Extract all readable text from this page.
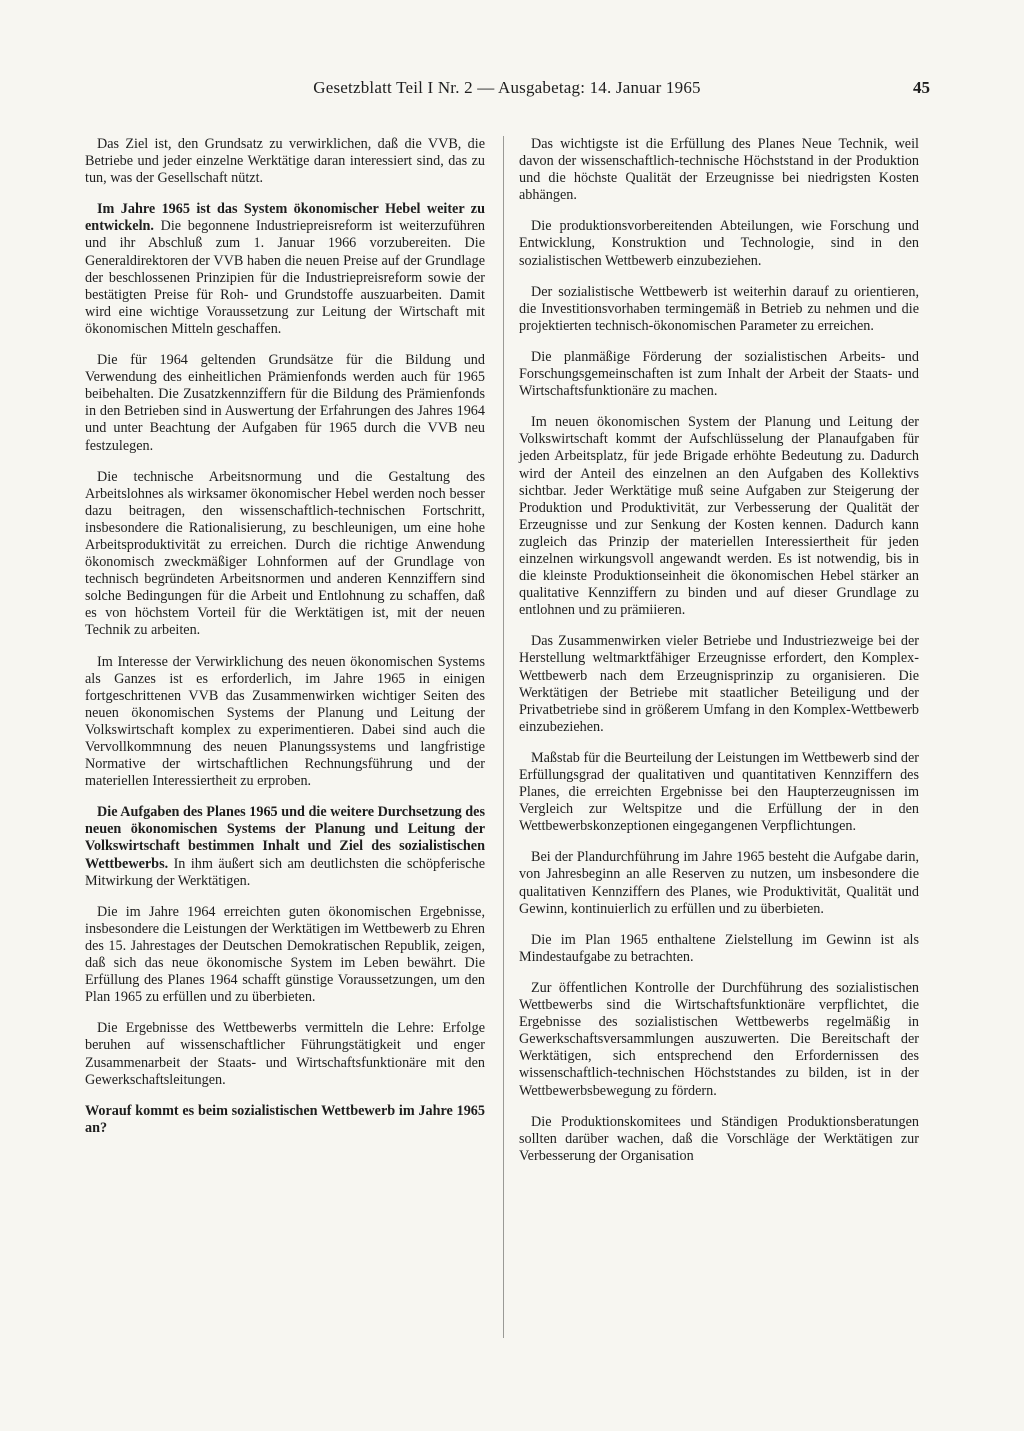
Gesetzblatt Teil I Nr. 2 — Ausgabetag: 14. Januar 1965	45

Das Ziel ist, den Grundsatz zu verwirklichen, daß die VVB, die Betriebe und jeder einzelne Werktätige daran interessiert sind, das zu tun, was der Gesellschaft nützt.

Im Jahre 1965 ist das System ökonomischer Hebel weiter zu entwickeln. Die begonnene Industriepreisreform ist weiterzuführen und ihr Abschluß zum 1. Januar 1966 vorzubereiten. Die Generaldirektoren der VVB haben die neuen Preise auf der Grundlage der beschlossenen Prinzipien für die Industriepreisreform sowie der bestätigten Preise für Roh- und Grundstoffe auszuarbeiten. Damit wird eine wichtige Voraussetzung zur Leitung der Wirtschaft mit ökonomischen Mitteln geschaffen.

Die für 1964 geltenden Grundsätze für die Bildung und Verwendung des einheitlichen Prämienfonds werden auch für 1965 beibehalten. Die Zusatzkennziffern für die Bildung des Prämienfonds in den Betrieben sind in Auswertung der Erfahrungen des Jahres 1964 und unter Beachtung der Aufgaben für 1965 durch die VVB neu festzulegen.

Die technische Arbeitsnormung und die Gestaltung des Arbeitslohnes als wirksamer ökonomischer Hebel werden noch besser dazu beitragen, den wissenschaftlich-technischen Fortschritt, insbesondere die Rationalisierung, zu beschleunigen, um eine hohe Arbeitsproduktivität zu erreichen. Durch die richtige Anwendung ökonomisch zweckmäßiger Lohnformen auf der Grundlage von technisch begründeten Arbeitsnormen und anderen Kennziffern sind solche Bedingungen für die Arbeit und Entlohnung zu schaffen, daß es von höchstem Vorteil für die Werktätigen ist, mit der neuen Technik zu arbeiten.

Im Interesse der Verwirklichung des neuen ökonomischen Systems als Ganzes ist es erforderlich, im Jahre 1965 in einigen fortgeschrittenen VVB das Zusammenwirken wichtiger Seiten des neuen ökonomischen Systems der Planung und Leitung der Volkswirtschaft komplex zu experimentieren. Dabei sind auch die Vervollkommnung des neuen Planungssystems und langfristige Normative der wirtschaftlichen Rechnungsführung und der materiellen Interessiertheit zu erproben.

Die Aufgaben des Planes 1965 und die weitere Durchsetzung des neuen ökonomischen Systems der Planung und Leitung der Volkswirtschaft bestimmen Inhalt und Ziel des sozialistischen Wettbewerbs. In ihm äußert sich am deutlichsten die schöpferische Mitwirkung der Werktätigen.

Die im Jahre 1964 erreichten guten ökonomischen Ergebnisse, insbesondere die Leistungen der Werktätigen im Wettbewerb zu Ehren des 15. Jahrestages der Deutschen Demokratischen Republik, zeigen, daß sich das neue ökonomische System im Leben bewährt. Die Erfüllung des Planes 1964 schafft günstige Voraussetzungen, um den Plan 1965 zu erfüllen und zu überbieten.

Die Ergebnisse des Wettbewerbs vermitteln die Lehre: Erfolge beruhen auf wissenschaftlicher Führungstätigkeit und enger Zusammenarbeit der Staats- und Wirtschaftsfunktionäre mit den Gewerkschaftsleitungen.

Worauf kommt es beim sozialistischen Wettbewerb im Jahre 1965 an?

Das wichtigste ist die Erfüllung des Planes Neue Technik, weil davon der wissenschaftlich-technische Höchststand in der Produktion und die höchste Qualität der Erzeugnisse bei niedrigsten Kosten abhängen.

Die produktionsvorbereitenden Abteilungen, wie Forschung und Entwicklung, Konstruktion und Technologie, sind in den sozialistischen Wettbewerb einzubeziehen.

Der sozialistische Wettbewerb ist weiterhin darauf zu orientieren, die Investitionsvorhaben termingemäß in Betrieb zu nehmen und die projektierten technisch-ökonomischen Parameter zu erreichen.

Die planmäßige Förderung der sozialistischen Arbeits- und Forschungsgemeinschaften ist zum Inhalt der Arbeit der Staats- und Wirtschaftsfunktionäre zu machen.

Im neuen ökonomischen System der Planung und Leitung der Volkswirtschaft kommt der Aufschlüsselung der Planaufgaben für jeden Arbeitsplatz, für jede Brigade erhöhte Bedeutung zu. Dadurch wird der Anteil des einzelnen an den Aufgaben des Kollektivs sichtbar. Jeder Werktätige muß seine Aufgaben zur Steigerung der Produktion und Produktivität, zur Verbesserung der Qualität der Erzeugnisse und zur Senkung der Kosten kennen. Dadurch kann zugleich das Prinzip der materiellen Interessiertheit für jeden einzelnen wirkungsvoll angewandt werden. Es ist notwendig, bis in die kleinste Produktionseinheit die ökonomischen Hebel stärker an qualitative Kennziffern zu binden und auf dieser Grundlage zu entlohnen und zu prämiieren.

Das Zusammenwirken vieler Betriebe und Industriezweige bei der Herstellung weltmarktfähiger Erzeugnisse erfordert, den Komplex-Wettbewerb nach dem Erzeugnisprinzip zu organisieren. Die Werktätigen der Betriebe mit staatlicher Beteiligung und der Privatbetriebe sind in größerem Umfang in den Komplex-Wettbewerb einzubeziehen.

Maßstab für die Beurteilung der Leistungen im Wettbewerb sind der Erfüllungsgrad der qualitativen und quantitativen Kennziffern des Planes, die erreichten Ergebnisse bei den Haupterzeugnissen im Vergleich zur Weltspitze und die Erfüllung der in den Wettbewerbskonzeptionen eingegangenen Verpflichtungen.

Bei der Plandurchführung im Jahre 1965 besteht die Aufgabe darin, von Jahresbeginn an alle Reserven zu nutzen, um insbesondere die qualitativen Kennziffern des Planes, wie Produktivität, Qualität und Gewinn, kontinuierlich zu erfüllen und zu überbieten.

Die im Plan 1965 enthaltene Zielstellung im Gewinn ist als Mindestaufgabe zu betrachten.

Zur öffentlichen Kontrolle der Durchführung des sozialistischen Wettbewerbs sind die Wirtschaftsfunktionäre verpflichtet, die Ergebnisse des sozialistischen Wettbewerbs regelmäßig in Gewerkschaftsversammlungen auszuwerten. Die Bereitschaft der Werktätigen, sich entsprechend den Erfordernissen des wissenschaftlich-technischen Höchststandes zu bilden, ist in der Wettbewerbsbewegung zu fördern.

Die Produktionskomitees und Ständigen Produktionsberatungen sollten darüber wachen, daß die Vorschläge der Werktätigen zur Verbesserung der Organisation
